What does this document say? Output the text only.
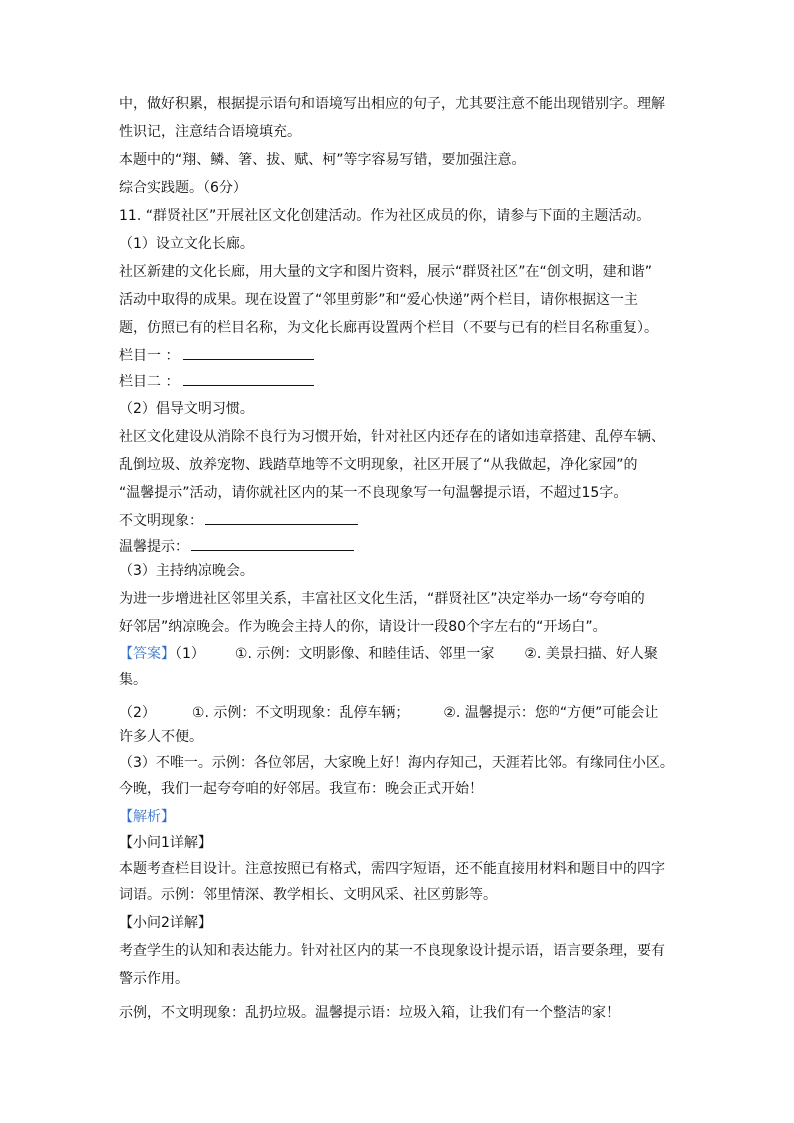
中，做好积累，根据提示语句和语境写出相应的句子，尤其要注意不能出现错别字。理解
性识记，注意结合语境填充。
本题中的“翔、鳞、箸、拔、赋、柯”等字容易写错，要加强注意。
综合实践题。（6分）
11. “群贤社区”开展社区文化创建活动。作为社区成员的你，请参与下面的主题活动。
（1）设立文化长廊。
社区新建的文化长廊，用大量的文字和图片资料，展示“群贤社区”在“创文明，建和谐”
活动中取得的成果。现在设置了“邻里剪影”和“爱心快递”两个栏目，请你根据这一主
题，仿照已有的栏目名称，为文化长廊再设置两个栏目（不要与已有的栏目名称重复）。
栏目一 ：
栏目二 ：
（2）倡导文明习惯。
社区文化建设从消除不良行为习惯开始，针对社区内还存在的诸如违章搭建、乱停车辆、
乱倒垃圾、放养宠物、践踏草地等不文明现象，社区开展了“从我做起，净化家园”的
“温馨提示”活动，请你就社区内的某一不良现象写一句温馨提示语，不超过15字。
不文明现象：
温馨提示：
（3）主持纳凉晚会。
为进一步增进社区邻里关系，丰富社区文化生活，“群贤社区”决定举办一场“夸夸咱的
好邻居”纳凉晚会。作为晚会主持人的你，请设计一段80个字左右的“开场白”。
【答案】（1） ①. 示例：文明影像、和睦佳话、邻里一家 ②. 美景扫描、好人聚
集。
（2）	①. 示例：不文明现象：乱停车辆； ②. 温馨提示：您$^的$“方便”可能会让
许多人不便。
（3）不唯一。示例：各位邻居，大家晚上好！海内存知己，天涯若比邻。有缘同住小区。
今晚，我们一起夸夸咱的好邻居。我宣布：晚会正式开始！
【解析】
【小问1详解】
本题考查栏目设计。注意按照已有格式，需四字短语，还不能直接用材料和题目中的四字
词语。示例：邻里情深、教学相长、文明风采、社区剪影等。
【小问2详解】
考查学生的认知和表达能力。针对社区内的某一不良现象设计提示语，语言要条理，要有
警示作用。
示例，不文明现象：乱扔垃圾。温馨提示语：垃圾入箱，让我们有一个整洁$^的$家！
